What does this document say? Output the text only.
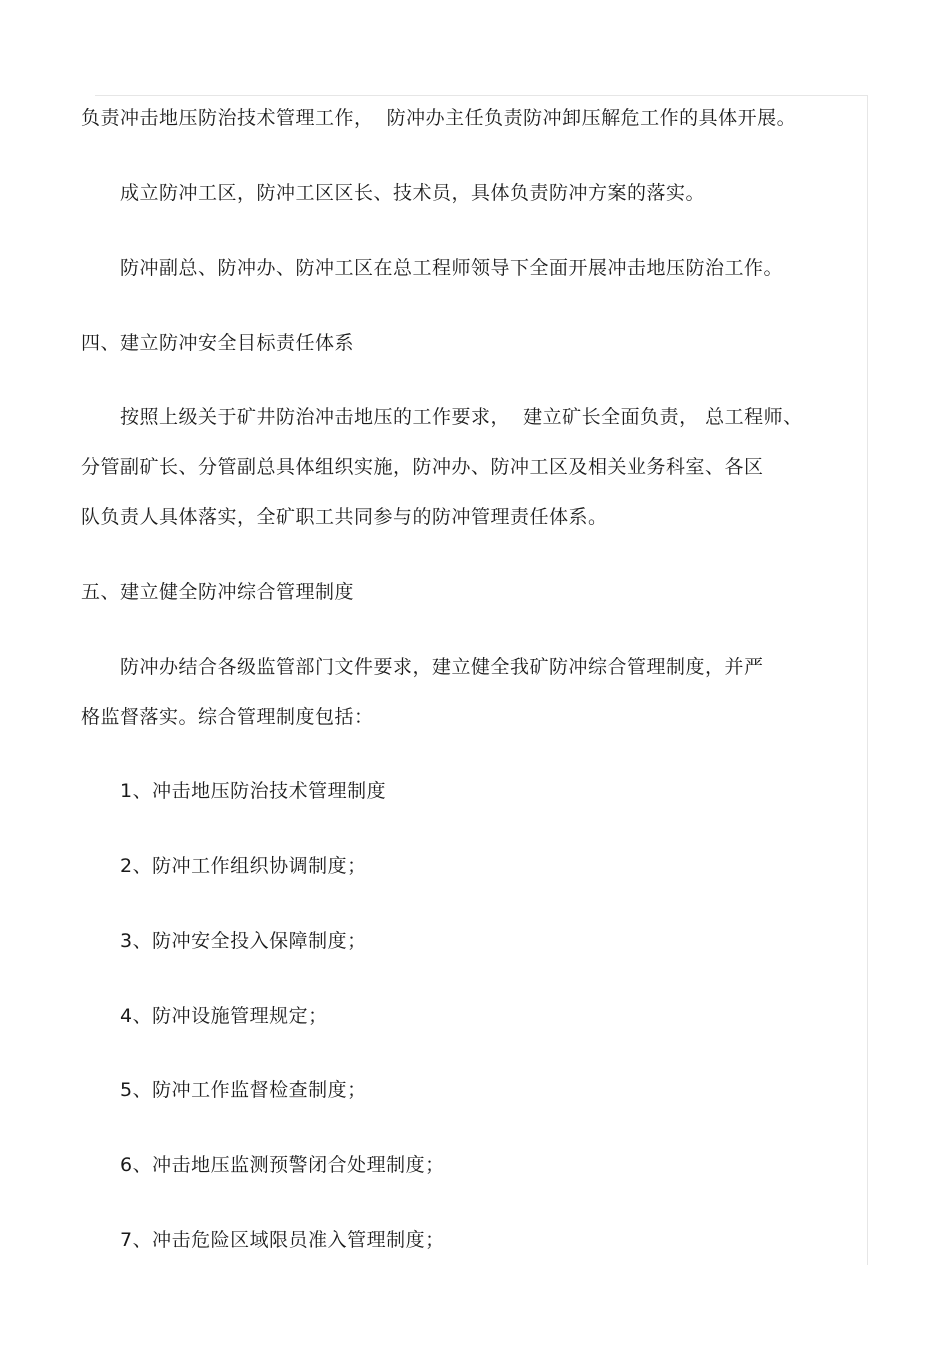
负责冲击地压防治技术管理工作，  防冲办主任负责防冲卸压解危工作的具体开展。
成立防冲工区，防冲工区区长、技术员，具体负责防冲方案的落实。
防冲副总、防冲办、防冲工区在总工程师领导下全面开展冲击地压防治工作。
四、建立防冲安全目标责任体系
按照上级关于矿井防治冲击地压的工作要求，  建立矿长全面负责， 总工程师、
分管副矿长、分管副总具体组织实施，防冲办、防冲工区及相关业务科室、各区
队负责人具体落实，全矿职工共同参与的防冲管理责任体系。
五、建立健全防冲综合管理制度
防冲办结合各级监管部门文件要求，建立健全我矿防冲综合管理制度，并严
格监督落实。综合管理制度包括：
1、冲击地压防治技术管理制度
2、防冲工作组织协调制度；
3、防冲安全投入保障制度；
4、防冲设施管理规定；
5、防冲工作监督检查制度；
6、冲击地压监测预警闭合处理制度；
7、冲击危险区域限员准入管理制度；
